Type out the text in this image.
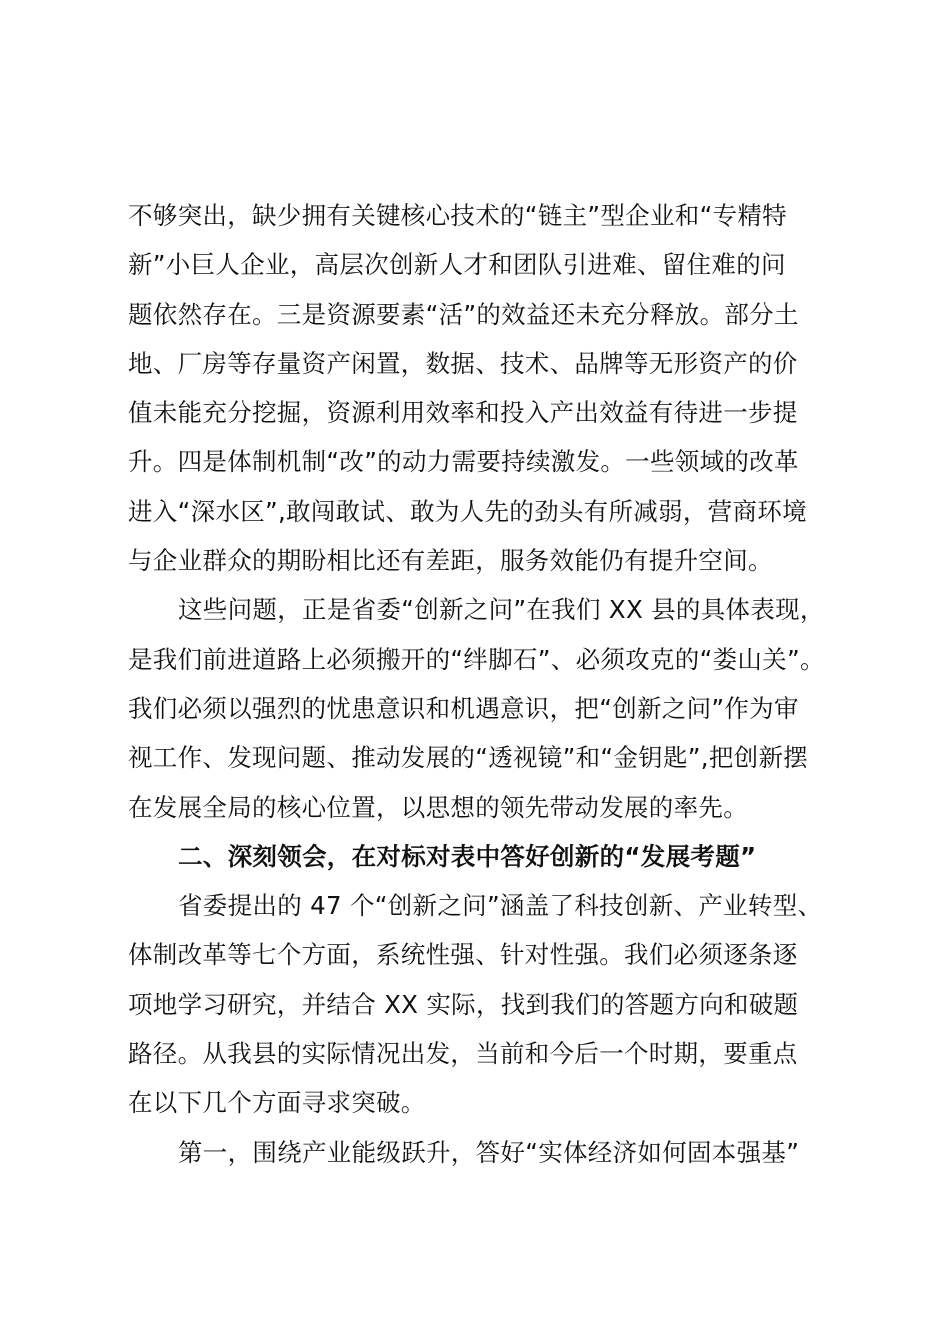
不够突出，缺少拥有关键核心技术的“链主”型企业和“专精特
新”小巨人企业，高层次创新人才和团队引进难、留住难的问
题依然存在。三是资源要素“活”的效益还未充分释放。部分土
地、厂房等存量资产闲置，数据、技术、品牌等无形资产的价
值未能充分挖掘，资源利用效率和投入产出效益有待进一步提
升。四是体制机制“改”的动力需要持续激发。一些领域的改革
进入“深水区”,敢闯敢试、敢为人先的劲头有所减弱，营商环境
与企业群众的期盼相比还有差距，服务效能仍有提升空间。
这些问题，正是省委“创新之问”在我们 XX 县的具体表现，
是我们前进道路上必须搬开的“绊脚石”、必须攻克的“娄山关”。
我们必须以强烈的忧患意识和机遇意识，把“创新之问”作为审
视工作、发现问题、推动发展的“透视镜”和“金钥匙”,把创新摆
在发展全局的核心位置，以思想的领先带动发展的率先。
二、深刻领会，在对标对表中答好创新的“发展考题”
省委提出的 47 个“创新之问”涵盖了科技创新、产业转型、
体制改革等七个方面，系统性强、针对性强。我们必须逐条逐
项地学习研究，并结合 XX 实际，找到我们的答题方向和破题
路径。从我县的实际情况出发，当前和今后一个时期，要重点
在以下几个方面寻求突破。
第一，围绕产业能级跃升，答好“实体经济如何固本强基”
